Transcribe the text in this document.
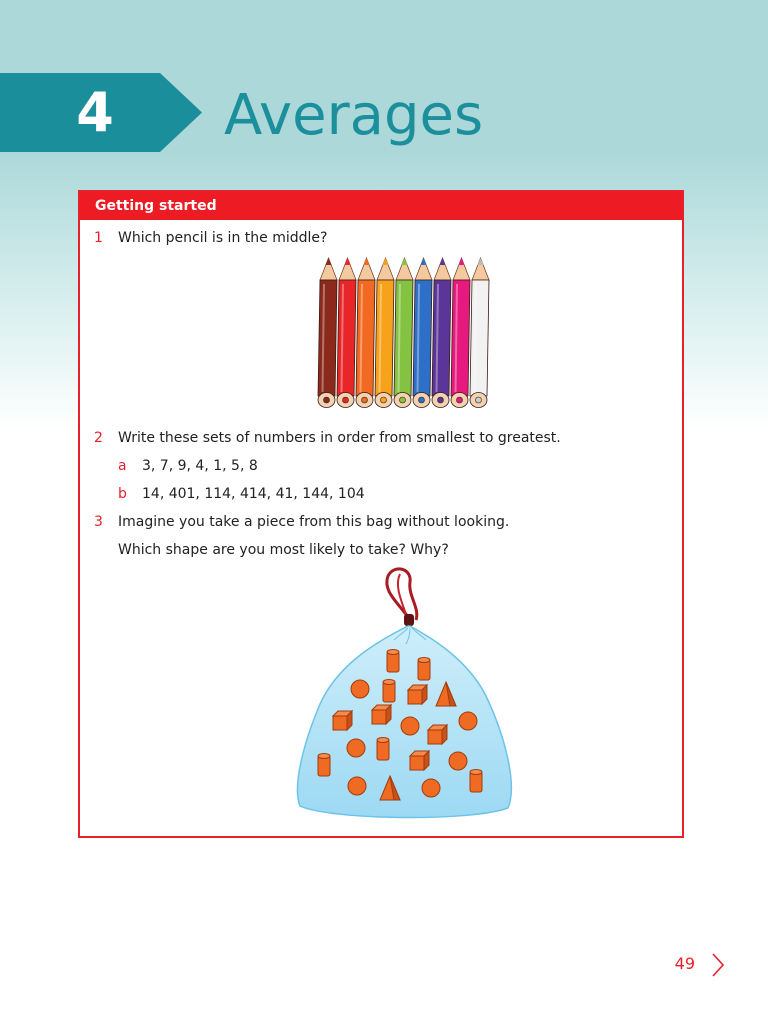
4	Averages
Getting started
1 Which pencil is in the middle?
2 Write these sets of numbers in order from smallest to greatest.
a 3, 7, 9, 4, 1, 5, 8
b 14, 401, 114, 414, 41, 144, 104
3 Imagine you take a piece from this bag without looking.
Which shape are you most likely to take? Why?
49
